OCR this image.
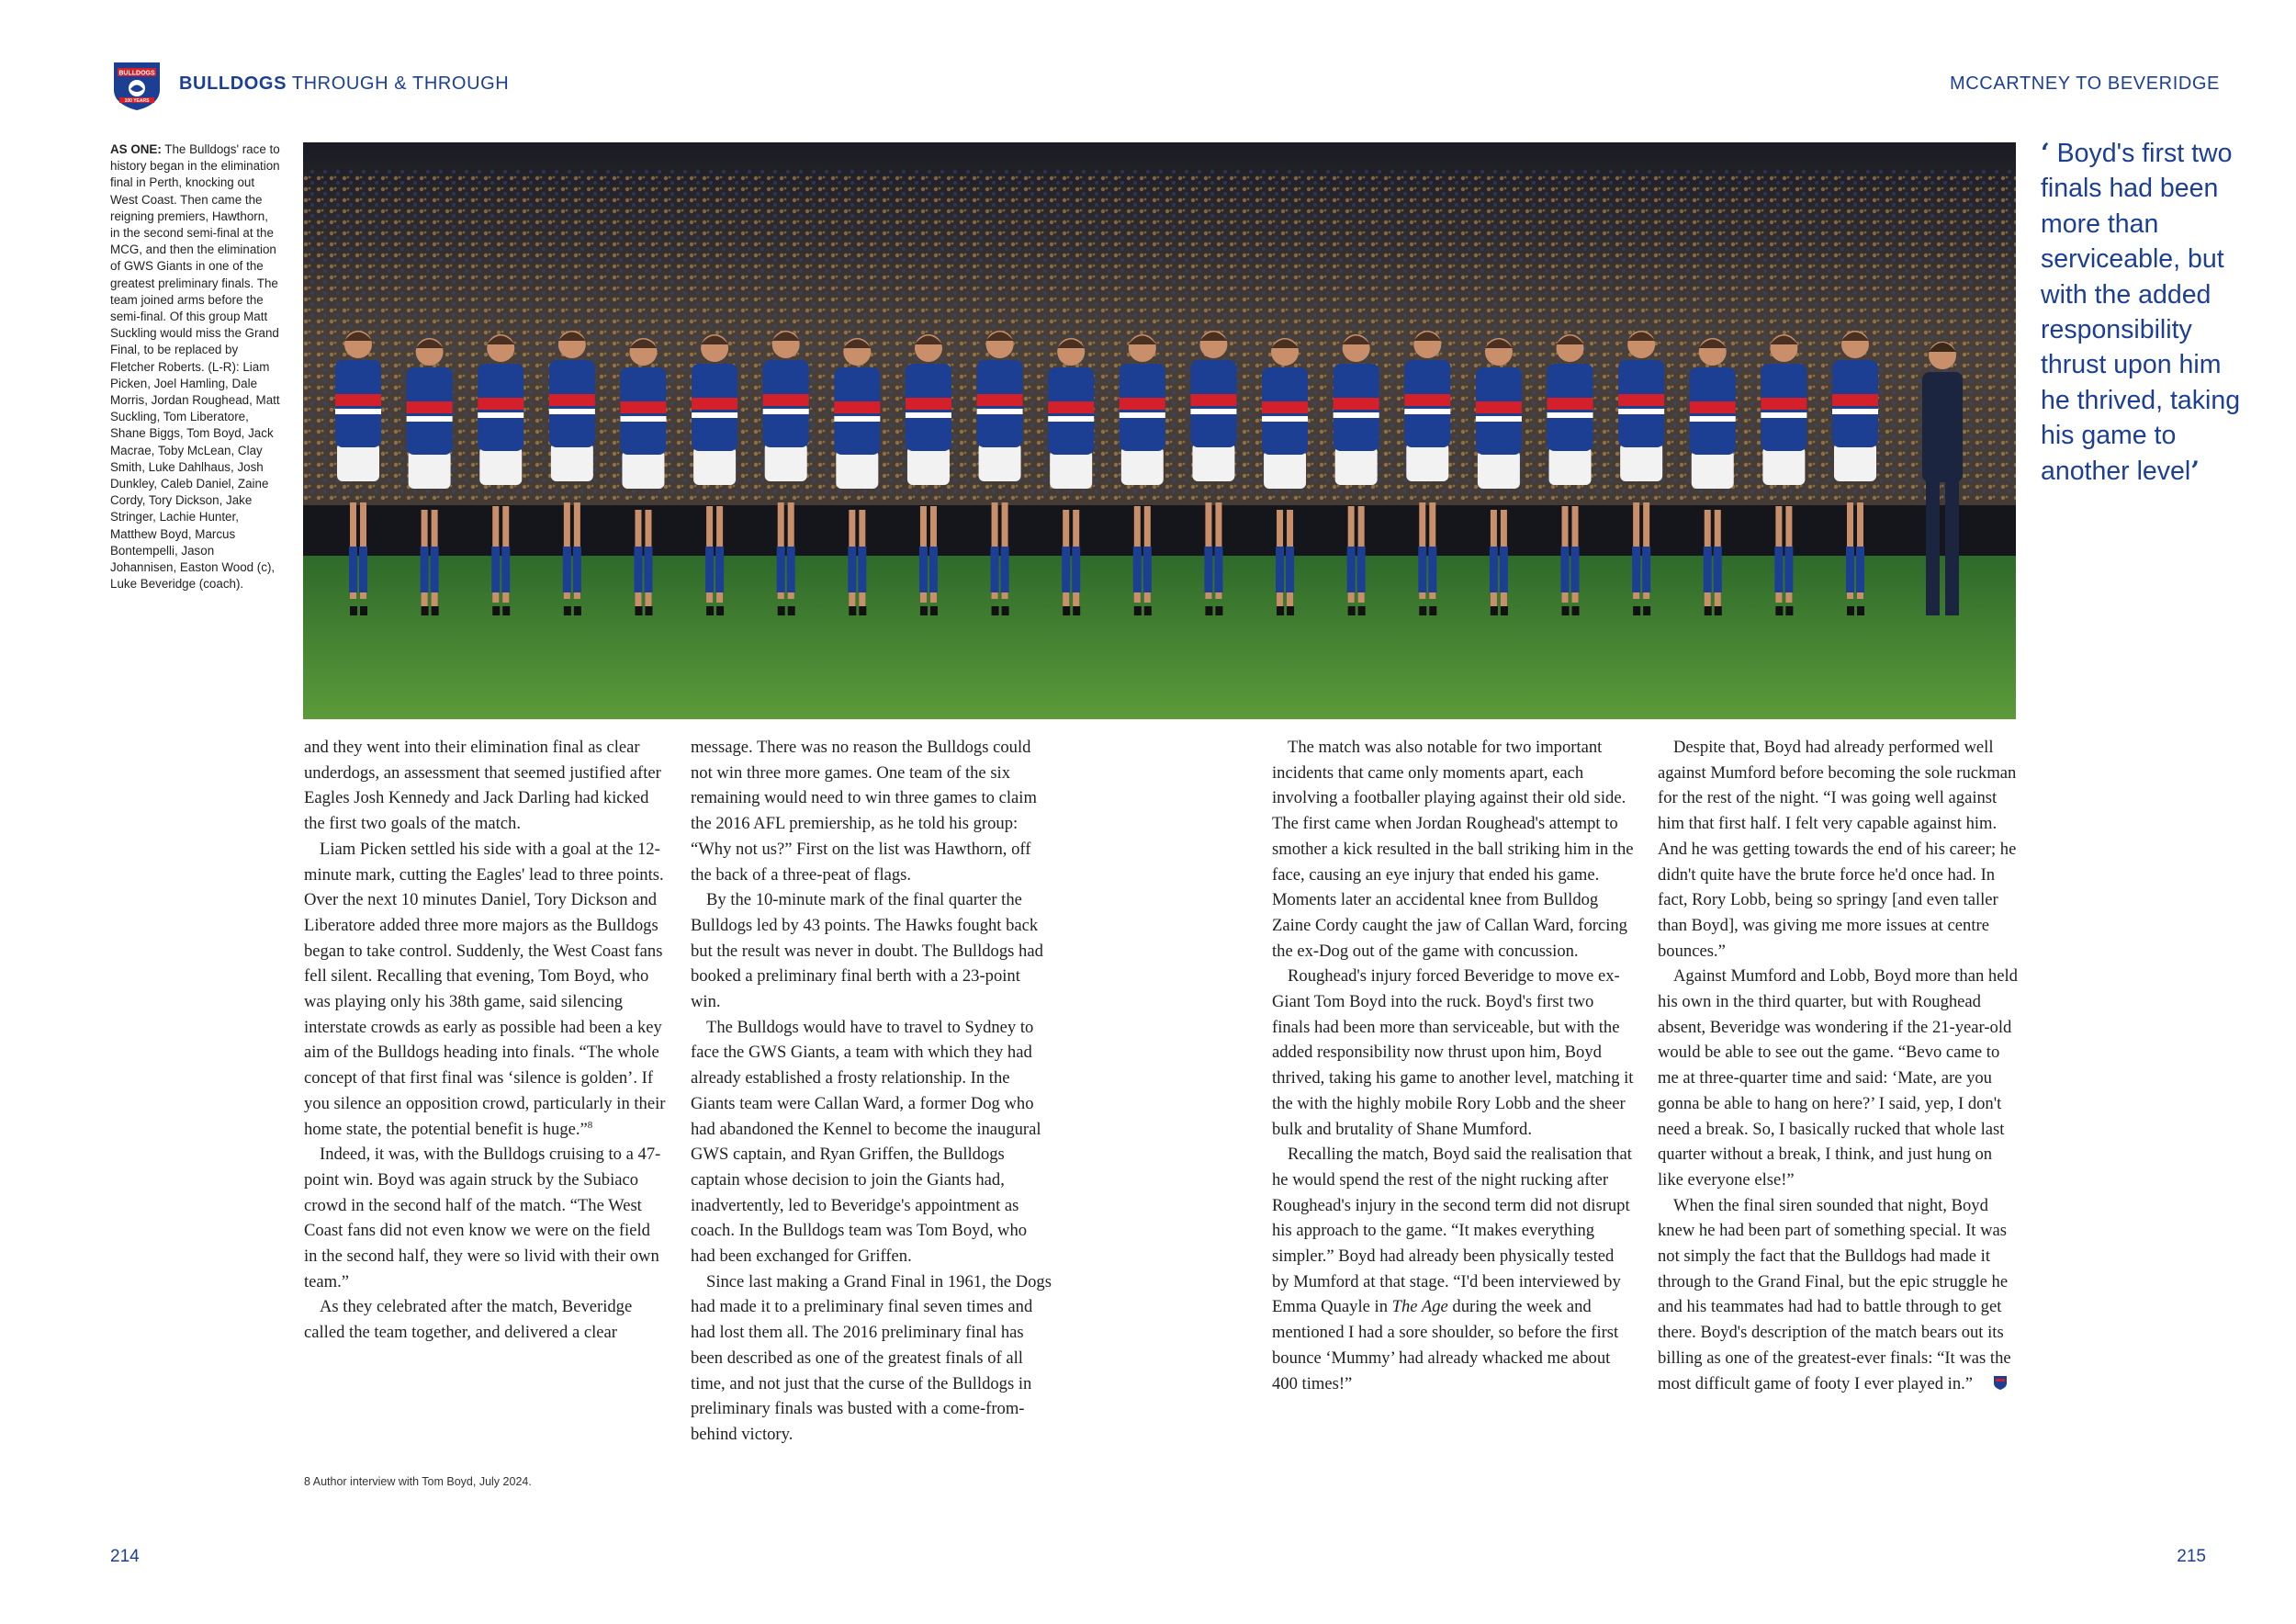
BULLDOGS
100 YEARS
BULLDOGS THROUGH & THROUGH	MCCARTNEY TO BEVERIDGE
AS ONE: The Bulldogs' race to history began in the elimination final in Perth, knocking out West Coast. Then came the reigning premiers, Hawthorn, in the second semi-final at the MCG, and then the elimination of GWS Giants in one of the greatest preliminary finals. The team joined arms before the semi-final. Of this group Matt Suckling would miss the Grand Final, to be replaced by Fletcher Roberts. (L-R): Liam Picken, Joel Hamling, Dale Morris, Jordan Roughead, Matt Suckling, Tom Liberatore, Shane Biggs, Tom Boyd, Jack Macrae, Toby McLean, Clay Smith, Luke Dahlhaus, Josh Dunkley, Caleb Daniel, Zaine Cordy, Tory Dickson, Jake Stringer, Lachie Hunter, Matthew Boyd, Marcus Bontempelli, Jason Johannisen, Easton Wood (c), Luke Beveridge (coach).
‘ Boyd's first two finals had been more than serviceable, but with the added responsibility thrust upon him he thrived, taking his game to another level’

and they went into their elimination final as clear underdogs, an assessment that seemed justified after Eagles Josh Kennedy and Jack Darling had kicked the first two goals of the match.

Liam Picken settled his side with a goal at the 12-minute mark, cutting the Eagles' lead to three points. Over the next 10 minutes Daniel, Tory Dickson and Liberatore added three more majors as the Bulldogs began to take control. Suddenly, the West Coast fans fell silent. Recalling that evening, Tom Boyd, who was playing only his 38th game, said silencing interstate crowds as early as possible had been a key aim of the Bulldogs heading into finals. “The whole concept of that first final was ‘silence is golden’. If you silence an opposition crowd, particularly in their home state, the potential benefit is huge.”$^8$

Indeed, it was, with the Bulldogs cruising to a 47-point win. Boyd was again struck by the Subiaco crowd in the second half of the match. “The West Coast fans did not even know we were on the field in the second half, they were so livid with their own team.”

As they celebrated after the match, Beveridge called the team together, and delivered a clear

message. There was no reason the Bulldogs could not win three more games. One team of the six remaining would need to win three games to claim the 2016 AFL premiership, as he told his group: “Why not us?” First on the list was Hawthorn, off the back of a three-peat of flags.

By the 10-minute mark of the final quarter the Bulldogs led by 43 points. The Hawks fought back but the result was never in doubt. The Bulldogs had booked a preliminary final berth with a 23-point win.

The Bulldogs would have to travel to Sydney to face the GWS Giants, a team with which they had already established a frosty relationship. In the Giants team were Callan Ward, a former Dog who had abandoned the Kennel to become the inaugural GWS captain, and Ryan Griffen, the Bulldogs captain whose decision to join the Giants had, inadvertently, led to Beveridge's appointment as coach. In the Bulldogs team was Tom Boyd, who had been exchanged for Griffen.

Since last making a Grand Final in 1961, the Dogs had made it to a preliminary final seven times and had lost them all. The 2016 preliminary final has been described as one of the greatest finals of all time, and not just that the curse of the Bulldogs in preliminary finals was busted with a come-from-behind victory.

The match was also notable for two important incidents that came only moments apart, each involving a footballer playing against their old side. The first came when Jordan Roughead's attempt to smother a kick resulted in the ball striking him in the face, causing an eye injury that ended his game. Moments later an accidental knee from Bulldog Zaine Cordy caught the jaw of Callan Ward, forcing the ex-Dog out of the game with concussion.

Roughead's injury forced Beveridge to move ex-Giant Tom Boyd into the ruck. Boyd's first two finals had been more than serviceable, but with the added responsibility now thrust upon him, Boyd thrived, taking his game to another level, matching it the with the highly mobile Rory Lobb and the sheer bulk and brutality of Shane Mumford.

Recalling the match, Boyd said the realisation that he would spend the rest of the night rucking after Roughead's injury in the second term did not disrupt his approach to the game. “It makes everything simpler.” Boyd had already been physically tested by Mumford at that stage. “I'd been interviewed by Emma Quayle in The Age during the week and mentioned I had a sore shoulder, so before the first bounce ‘Mummy’ had already whacked me about 400 times!”

Despite that, Boyd had already performed well against Mumford before becoming the sole ruckman for the rest of the night. “I was going well against him that first half. I felt very capable against him. And he was getting towards the end of his career; he didn't quite have the brute force he'd once had. In fact, Rory Lobb, being so springy [and even taller than Boyd], was giving me more issues at centre bounces.”

Against Mumford and Lobb, Boyd more than held his own in the third quarter, but with Roughead absent, Beveridge was wondering if the 21-year-old would be able to see out the game. “Bevo came to me at three-quarter time and said: ‘Mate, are you gonna be able to hang on here?’ I said, yep, I don't need a break. So, I basically rucked that whole last quarter without a break, I think, and just hung on like everyone else!”

When the final siren sounded that night, Boyd knew he had been part of something special. It was not simply the fact that the Bulldogs had made it through to the Grand Final, but the epic struggle he and his teammates had had to battle through to get there. Boyd's description of the match bears out its billing as one of the greatest-ever finals: “It was the most difficult game of footy I ever played in.”

8 Author interview with Tom Boyd, July 2024.
214	215
